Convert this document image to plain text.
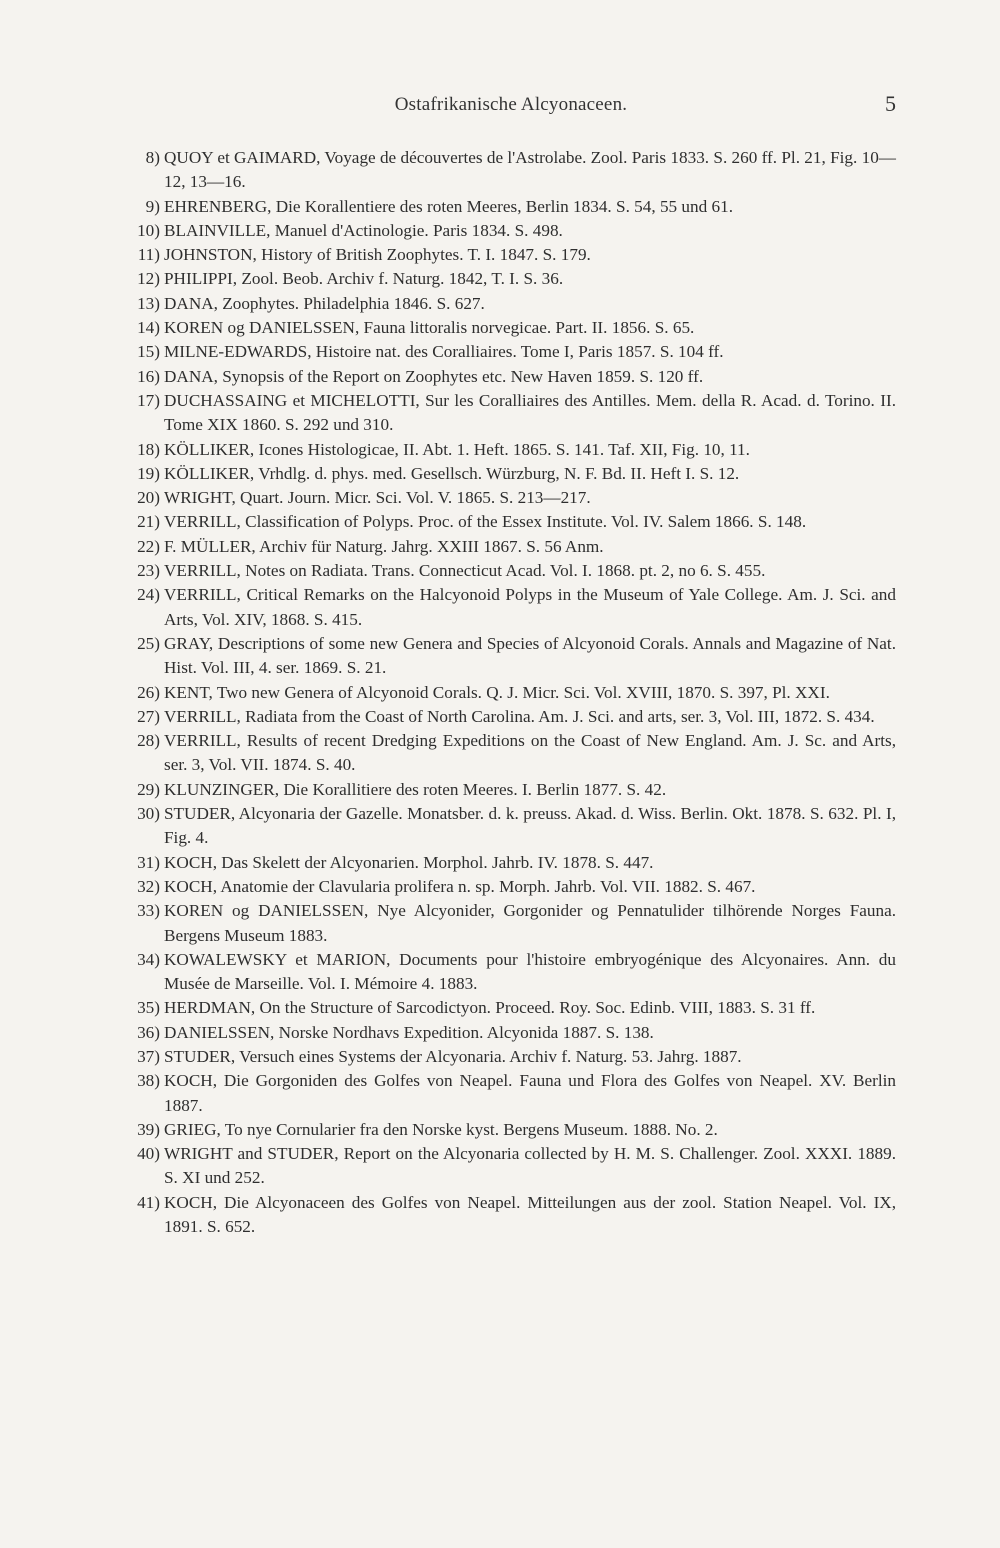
Ostafrikanische Alcyonaceen.	5
8) QUOY et GAIMARD, Voyage de découvertes de l'Astrolabe. Zool. Paris 1833. S. 260 ff. Pl. 21, Fig. 10—12, 13—16.
9) EHRENBERG, Die Korallentiere des roten Meeres, Berlin 1834. S. 54, 55 und 61.
10) BLAINVILLE, Manuel d'Actinologie. Paris 1834. S. 498.
11) JOHNSTON, History of British Zoophytes. T. I. 1847. S. 179.
12) PHILIPPI, Zool. Beob. Archiv f. Naturg. 1842, T. I. S. 36.
13) DANA, Zoophytes. Philadelphia 1846. S. 627.
14) KOREN og DANIELSSEN, Fauna littoralis norvegicae. Part. II. 1856. S. 65.
15) MILNE-EDWARDS, Histoire nat. des Coralliaires. Tome I, Paris 1857. S. 104 ff.
16) DANA, Synopsis of the Report on Zoophytes etc. New Haven 1859. S. 120 ff.
17) DUCHASSAING et MICHELOTTI, Sur les Coralliaires des Antilles. Mem. della R. Acad. d. Torino. II. Tome XIX 1860. S. 292 und 310.
18) KÖLLIKER, Icones Histologicae, II. Abt. 1. Heft. 1865. S. 141. Taf. XII, Fig. 10, 11.
19) KÖLLIKER, Vrhdlg. d. phys. med. Gesellsch. Würzburg, N. F. Bd. II. Heft I. S. 12.
20) WRIGHT, Quart. Journ. Micr. Sci. Vol. V. 1865. S. 213—217.
21) VERRILL, Classification of Polyps. Proc. of the Essex Institute. Vol. IV. Salem 1866. S. 148.
22) F. MÜLLER, Archiv für Naturg. Jahrg. XXIII 1867. S. 56 Anm.
23) VERRILL, Notes on Radiata. Trans. Connecticut Acad. Vol. I. 1868. pt. 2, no 6. S. 455.
24) VERRILL, Critical Remarks on the Halcyonoid Polyps in the Museum of Yale College. Am. J. Sci. and Arts, Vol. XIV, 1868. S. 415.
25) GRAY, Descriptions of some new Genera and Species of Alcyonoid Corals. Annals and Magazine of Nat. Hist. Vol. III, 4. ser. 1869. S. 21.
26) KENT, Two new Genera of Alcyonoid Corals. Q. J. Micr. Sci. Vol. XVIII, 1870. S. 397, Pl. XXI.
27) VERRILL, Radiata from the Coast of North Carolina. Am. J. Sci. and arts, ser. 3, Vol. III, 1872. S. 434.
28) VERRILL, Results of recent Dredging Expeditions on the Coast of New England. Am. J. Sc. and Arts, ser. 3, Vol. VII. 1874. S. 40.
29) KLUNZINGER, Die Korallitiere des roten Meeres. I. Berlin 1877. S. 42.
30) STUDER, Alcyonaria der Gazelle. Monatsber. d. k. preuss. Akad. d. Wiss. Berlin. Okt. 1878. S. 632. Pl. I, Fig. 4.
31) KOCH, Das Skelett der Alcyonarien. Morphol. Jahrb. IV. 1878. S. 447.
32) KOCH, Anatomie der Clavularia prolifera n. sp. Morph. Jahrb. Vol. VII. 1882. S. 467.
33) KOREN og DANIELSSEN, Nye Alcyonider, Gorgonider og Pennatulider tilhörende Norges Fauna. Bergens Museum 1883.
34) KOWALEWSKY et MARION, Documents pour l'histoire embryogénique des Alcyonaires. Ann. du Musée de Marseille. Vol. I. Mémoire 4. 1883.
35) HERDMAN, On the Structure of Sarcodictyon. Proceed. Roy. Soc. Edinb. VIII, 1883. S. 31 ff.
36) DANIELSSEN, Norske Nordhavs Expedition. Alcyonida 1887. S. 138.
37) STUDER, Versuch eines Systems der Alcyonaria. Archiv f. Naturg. 53. Jahrg. 1887.
38) KOCH, Die Gorgoniden des Golfes von Neapel. Fauna und Flora des Golfes von Neapel. XV. Berlin 1887.
39) GRIEG, To nye Cornularier fra den Norske kyst. Bergens Museum. 1888. No. 2.
40) WRIGHT and STUDER, Report on the Alcyonaria collected by H. M. S. Challenger. Zool. XXXI. 1889. S. XI und 252.
41) KOCH, Die Alcyonaceen des Golfes von Neapel. Mitteilungen aus der zool. Station Neapel. Vol. IX, 1891. S. 652.
